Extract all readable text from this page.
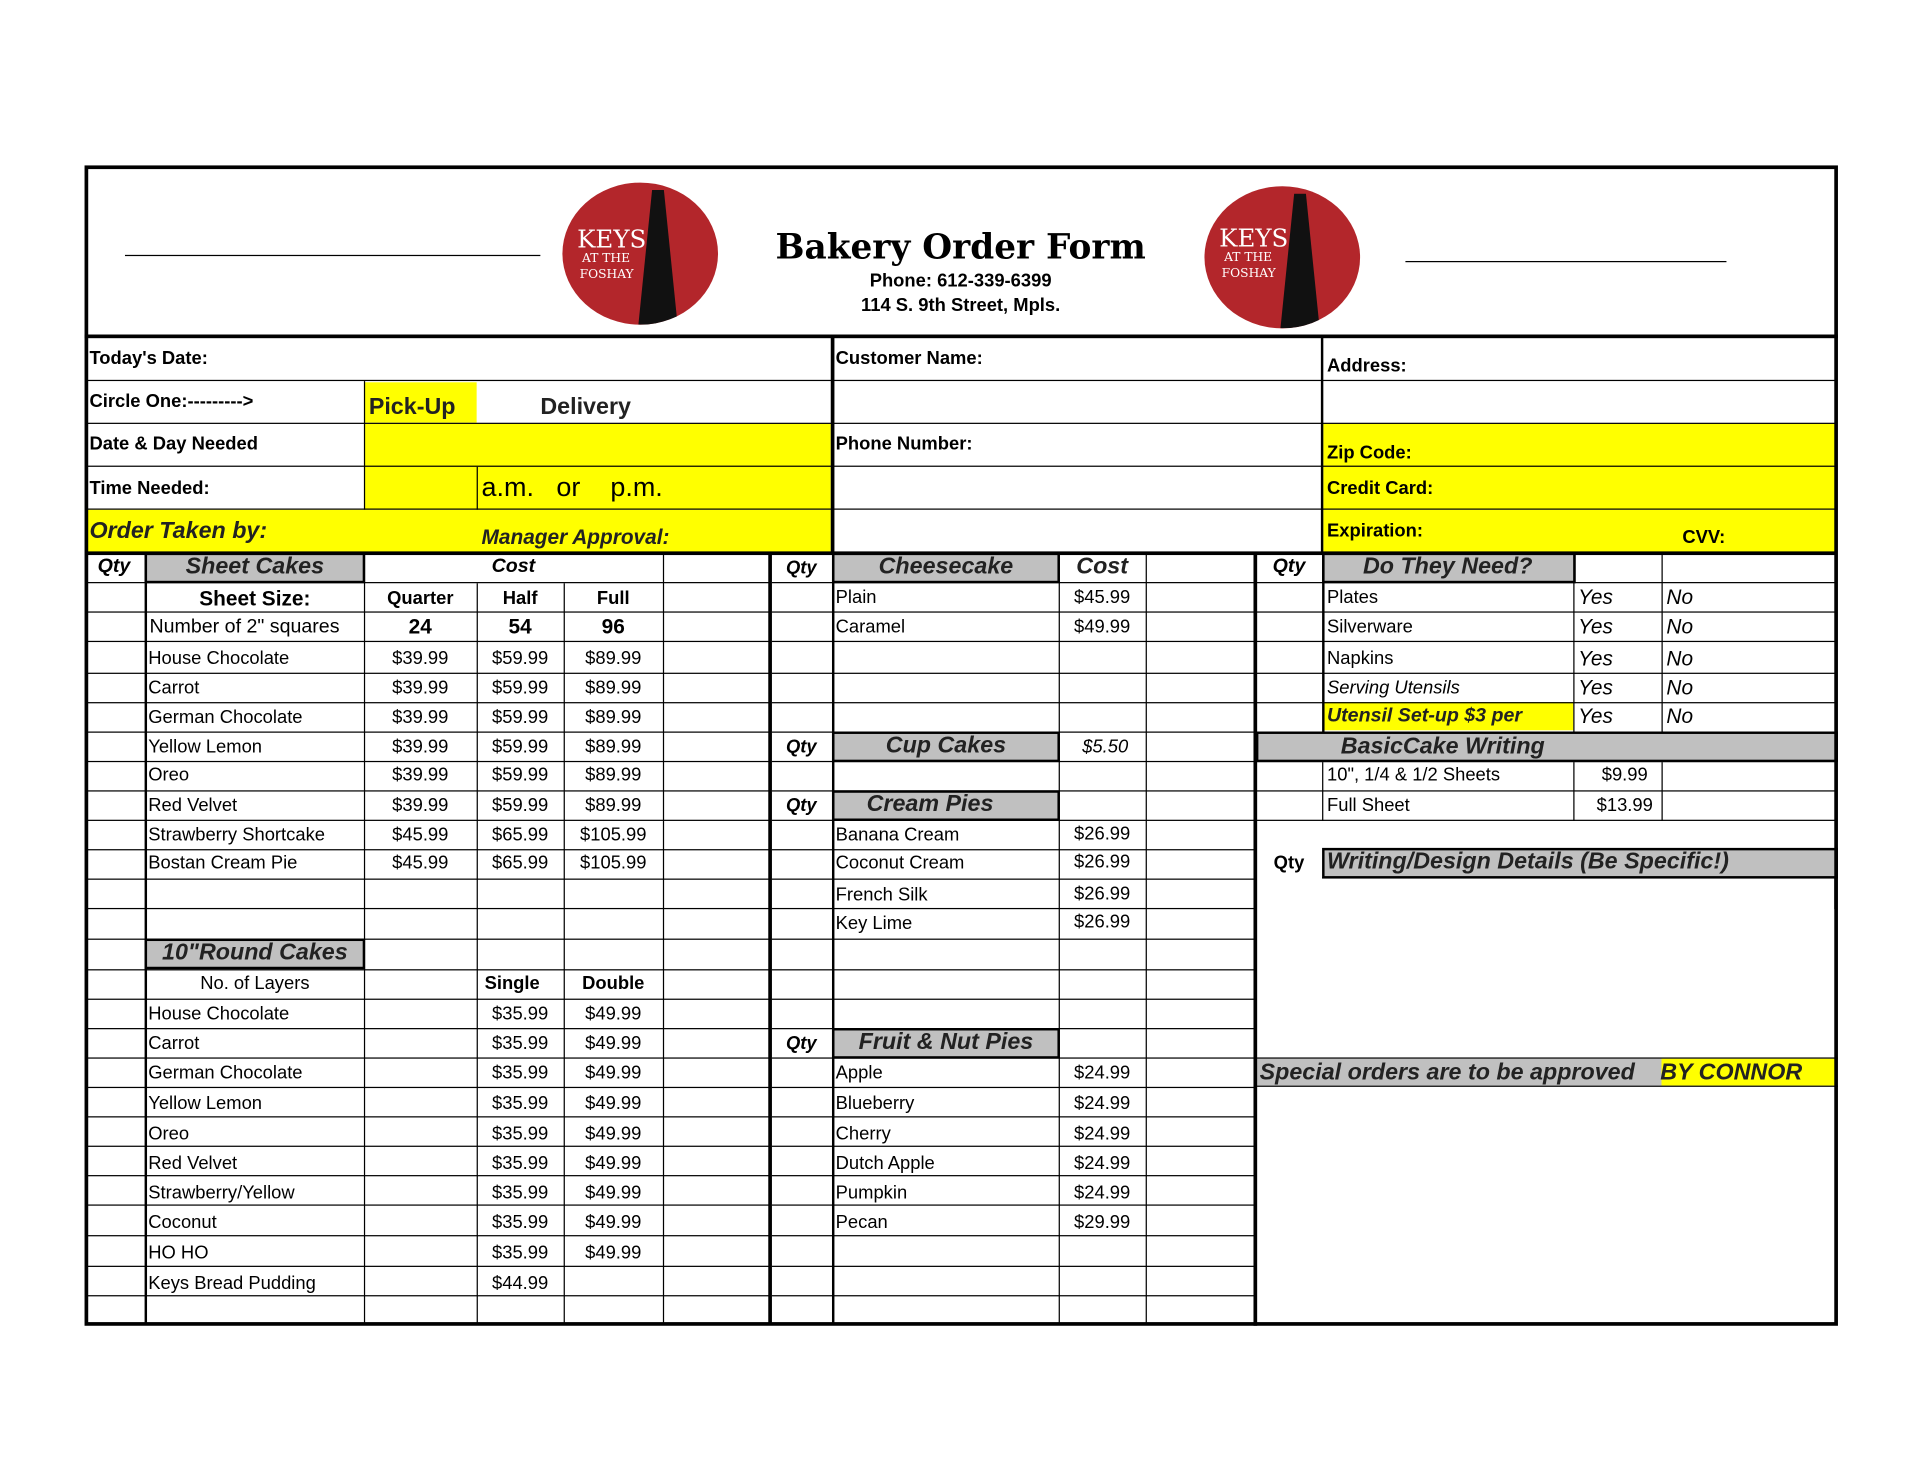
KEYS
AT THE
FOSHAY
KEYS
AT THE
FOSHAY
Bakery Order Form
Phone: 612-339-6399
114 S. 9th Street, Mpls.
Today's Date:
Circle One:--------->	Pick-Up	Delivery
Date & Day Needed
Time Needed:	a.m.   or    p.m.
Order Taken by:	Manager Approval:
Customer Name:
Phone Number:
Address:
Zip Code:
Credit Card:
Expiration:	CVV:
Qty	Sheet Cakes	Cost
Sheet Size:	Quarter	Half	Full
Number of 2" squares	24	54	96
10"Round Cakes
No. of Layers	Single	Double
Qty	Cheesecake	Cost
Qty	Cup Cakes	$5.50
Qty	Cream Pies
Qty	Fruit & Nut Pies
Qty	Do They Need?
BasicCake Writing
Qty	Writing/Design Details (Be Specific!)
Special orders are to be approved BY CONNOR
House Chocolate	$39.99	$59.99	$89.99
Carrot	$39.99	$59.99	$89.99
German Chocolate	$39.99	$59.99	$89.99
Yellow Lemon	$39.99	$59.99	$89.99
Oreo	$39.99	$59.99	$89.99
Red Velvet	$39.99	$59.99	$89.99
Strawberry Shortcake	$45.99	$65.99	$105.99
Bostan Cream Pie	$45.99	$65.99	$105.99
House Chocolate	$35.99	$49.99
Carrot	$35.99	$49.99
German Chocolate	$35.99	$49.99
Yellow Lemon	$35.99	$49.99
Oreo	$35.99	$49.99
Red Velvet	$35.99	$49.99
Strawberry/Yellow	$35.99	$49.99
Coconut	$35.99	$49.99
HO HO	$35.99	$49.99
Keys Bread Pudding	$44.99
Plain	$45.99
Caramel	$49.99
Banana Cream	$26.99
Coconut Cream	$26.99
French Silk	$26.99
Key Lime	$26.99
Apple	$24.99
Blueberry	$24.99
Cherry	$24.99
Dutch Apple	$24.99
Pumpkin	$24.99
Pecan	$29.99
Plates	Yes	No
Silverware	Yes	No
Napkins	Yes	No
Serving Utensils	Yes	No
Utensil Set-up $3 per	Yes	No
10", 1/4 & 1/2 Sheets	$9.99
Full Sheet	$13.99
